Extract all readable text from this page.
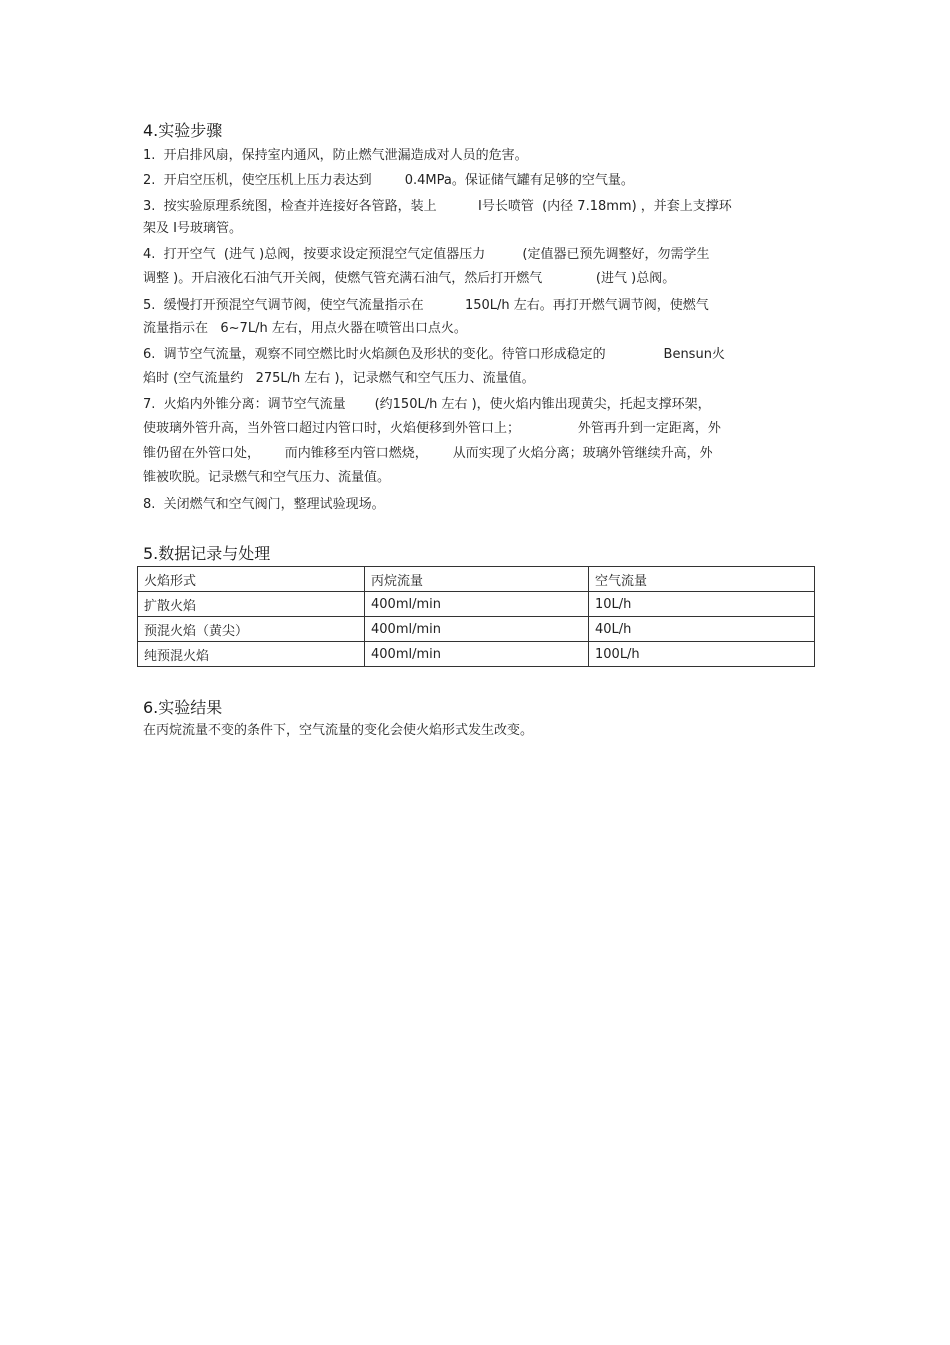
4.实验步骤
1.  开启排风扇，保持室内通风，防止燃气泄漏造成对人员的危害。
2.  开启空压机，使空压机上压力表达到        0.4MPa。保证储气罐有足够的空气量。
3.  按实验原理系统图，检查并连接好各管路，装上          I号长喷管  (内径 7.18mm) ，并套上支撑环
架及 I号玻璃管。
4.  打开空气  (进气 )总阀，按要求设定预混空气定值器压力         (定值器已预先调整好，勿需学生
调整 )。开启液化石油气开关阀，使燃气管充满石油气，然后打开燃气             (进气 )总阀。
5.  缓慢打开预混空气调节阀，使空气流量指示在          150L/h 左右。再打开燃气调节阀，使燃气
流量指示在   6~7L/h 左右，用点火器在喷管出口点火。
6.  调节空气流量，观察不同空燃比时火焰颜色及形状的变化。待管口形成稳定的              Bensun火
焰时 (空气流量约   275L/h 左右 )，记录燃气和空气压力、流量值。
7.  火焰内外锥分离：调节空气流量       (约150L/h 左右 )，使火焰内锥出现黄尖，托起支撑环架，
使玻璃外管升高，当外管口超过内管口时，火焰便移到外管口上；              外管再升到一定距离，外
锥仍留在外管口处，      而内锥移至内管口燃烧，      从而实现了火焰分离；玻璃外管继续升高，外
锥被吹脱。记录燃气和空气压力、流量值。
8.  关闭燃气和空气阀门，整理试验现场。
5.数据记录与处理
火焰形式	丙烷流量	空气流量
扩散火焰	400ml/min	10L/h
预混火焰（黄尖）	400ml/min	40L/h
纯预混火焰	400ml/min	100L/h
6.实验结果
在丙烷流量不变的条件下，空气流量的变化会使火焰形式发生改变。
